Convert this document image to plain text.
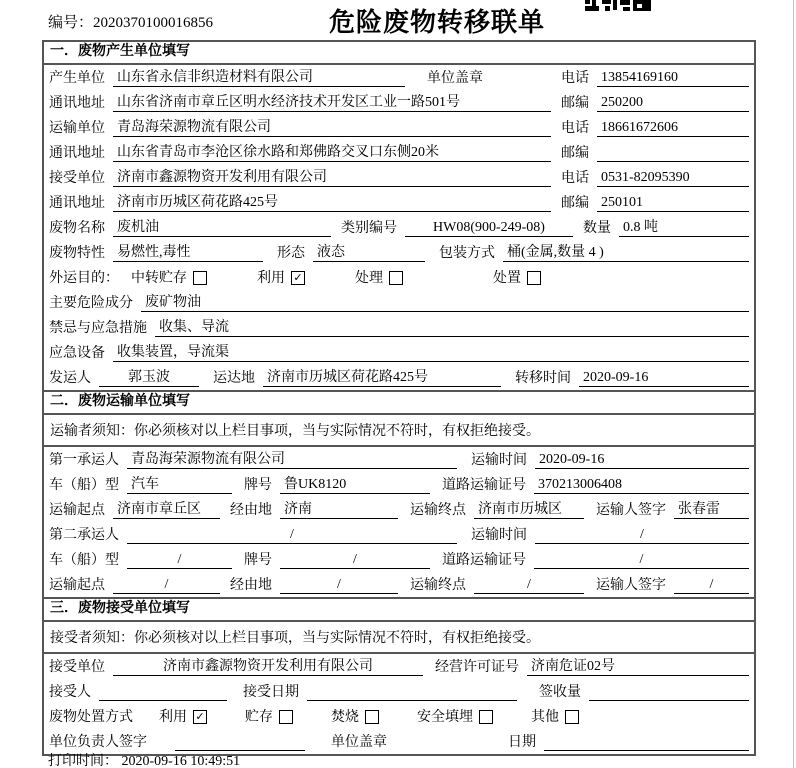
编号：2020370100016856	危险废物转移联单
一．废物产生单位填写
产生单位 山东省永信非织造材料有限公司	单位盖章	电话 13854169160
通讯地址 山东省济南市章丘区明水经济技术开发区工业一路501号	邮编 250200
运输单位 青岛海荣源物流有限公司	电话 18661672606
通讯地址 山东省青岛市李沧区徐水路和郑佛路交叉口东侧20米	邮编
接受单位 济南市鑫源物资开发利用有限公司	电话 0531-82095390
通讯地址 济南市历城区荷花路425号	邮编 250101
废物名称 废机油	类别编号	HW08(900-249-08)	数量 0.8 吨
废物特性 易燃性,毒性	形态 液态	包装方式 桶(金属,数量 4 )
外运目的： 中转贮存	利用 ✓	处理	处置
主要危险成分 废矿物油
禁忌与应急措施 收集、导流
应急设备 收集装置，导流渠
发运人	郭玉波	运达地 济南市历城区荷花路425号	转移时间 2020-09-16
二．废物运输单位填写
运输者须知： 你必须核对以上栏目事项，当与实际情况不符时，有权拒绝接受。
第一承运人 青岛海荣源物流有限公司	运输时间 2020-09-16
车（船）型 汽车	牌号 鲁UK8120	道路运输证号 370213006408
运输起点 济南市章丘区	经由地 济南	运输终点 济南市历城区	运输人签字 张春雷
第二承运人	/	运输时间	/
车（船）型	/	牌号	/	道路运输证号	/
运输起点	/	经由地	/	运输终点	/	运输人签字	/
三．废物接受单位填写
接受者须知： 你必须核对以上栏目事项，当与实际情况不符时，有权拒绝接受。
接受单位	济南市鑫源物资开发利用有限公司	经营许可证号 济南危证02号
接受人	接受日期	签收量
废物处置方式 利用 ✓	贮存	焚烧	安全填埋	其他
单位负责人签字	单位盖章	日期
打印时间： 2020-09-16 10:49:51
